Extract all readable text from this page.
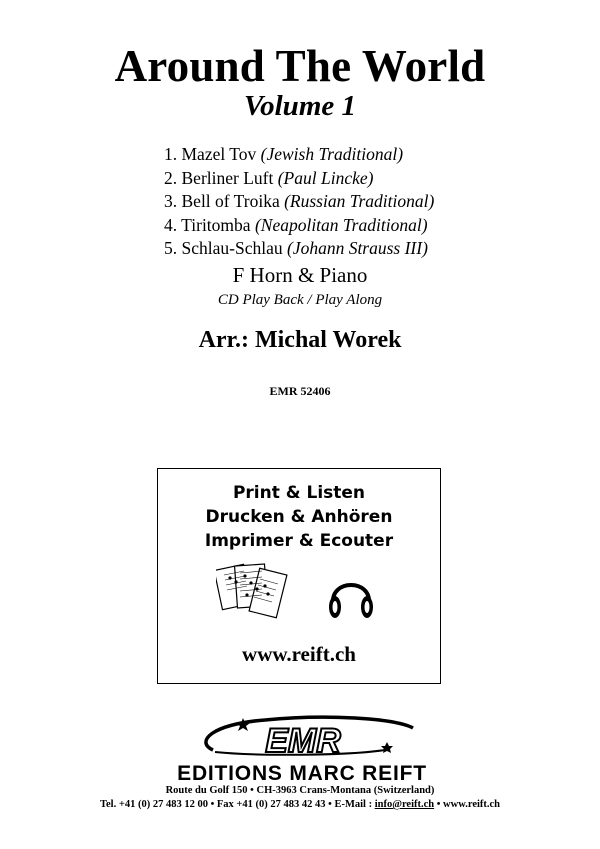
Around The World
Volume 1
1. Mazel Tov (Jewish Traditional)
2. Berliner Luft (Paul Lincke)
3. Bell of Troika (Russian Traditional)
4. Tiritomba (Neapolitan Traditional)
5. Schlau-Schlau (Johann Strauss III)
F Horn & Piano
CD Play Back / Play Along
Arr.: Michal Worek
EMR 52406
Print & Listen
Drucken & Anhören
Imprimer & Ecouter
www.reift.ch
EMR
EDITIONS MARC REIFT
Route du Golf 150 • CH-3963 Crans-Montana (Switzerland)
Tel. +41 (0) 27 483 12 00 • Fax +41 (0) 27 483 42 43 • E-Mail : info@reift.ch • www.reift.ch
